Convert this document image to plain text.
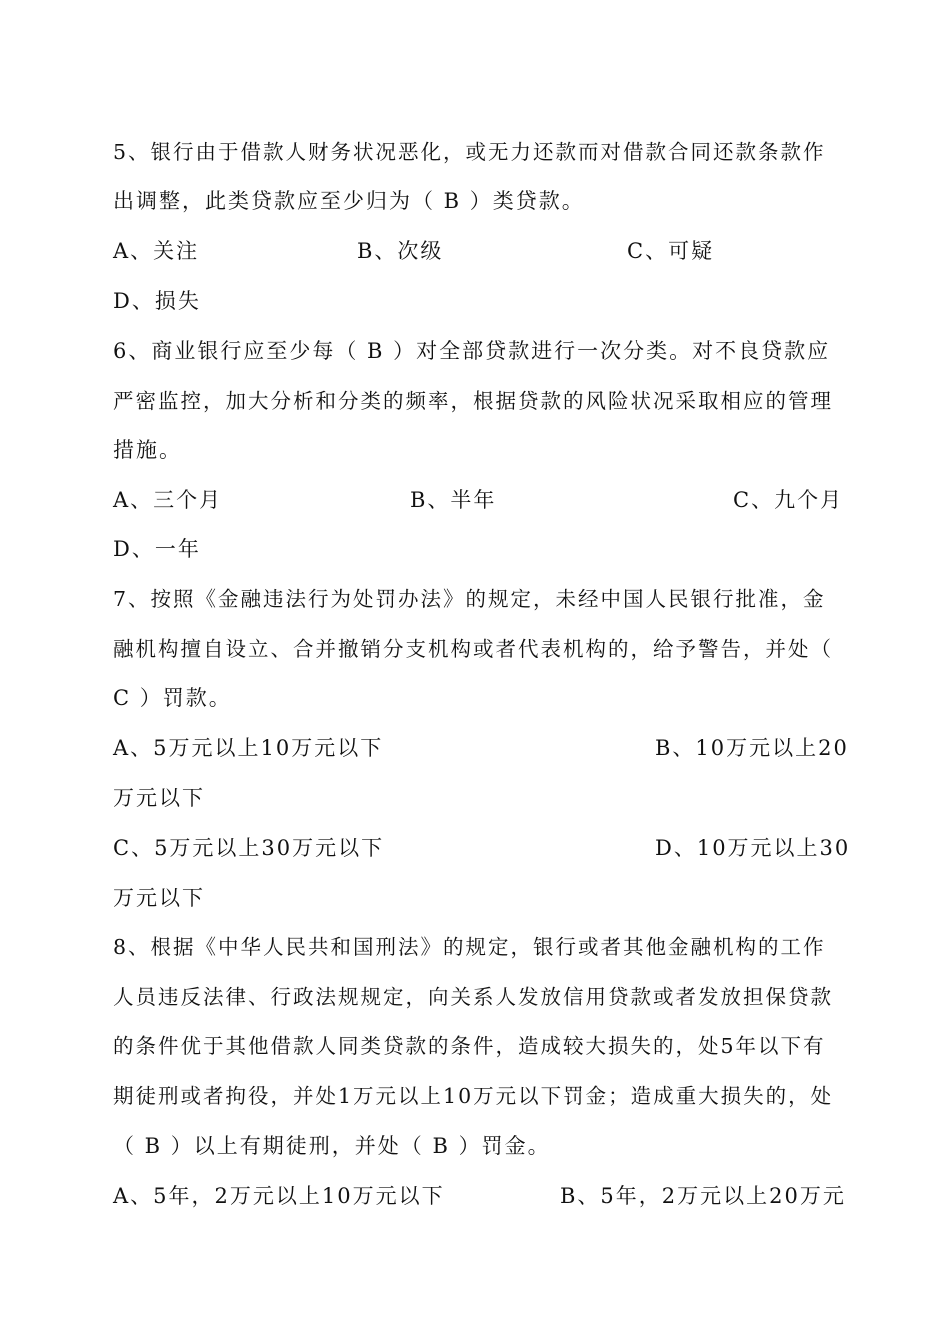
5、银行由于借款人财务状况恶化，或无力还款而对借款合同还款条款作
出调整，此类贷款应至少归为（ B ）类贷款。
A、关注	B、次级	C、可疑
D、损失
6、商业银行应至少每（ B ）对全部贷款进行一次分类。对不良贷款应
严密监控，加大分析和分类的频率，根据贷款的风险状况采取相应的管理
措施。
A、三个月	B、半年	C、九个月
D、一年
7、按照《金融违法行为处罚办法》的规定，未经中国人民银行批准，金
融机构擅自设立、合并撤销分支机构或者代表机构的，给予警告，并处（
C ）罚款。
A、5万元以上10万元以下	B、10万元以上20
万元以下
C、5万元以上30万元以下	D、10万元以上30
万元以下
8、根据《中华人民共和国刑法》的规定，银行或者其他金融机构的工作
人员违反法律、行政法规规定，向关系人发放信用贷款或者发放担保贷款
的条件优于其他借款人同类贷款的条件，造成较大损失的，处5年以下有
期徒刑或者拘役，并处1万元以上10万元以下罚金；造成重大损失的，处
（ B ）以上有期徒刑，并处（ B ）罚金。
A、5年，2万元以上10万元以下	B、5年，2万元以上20万元
